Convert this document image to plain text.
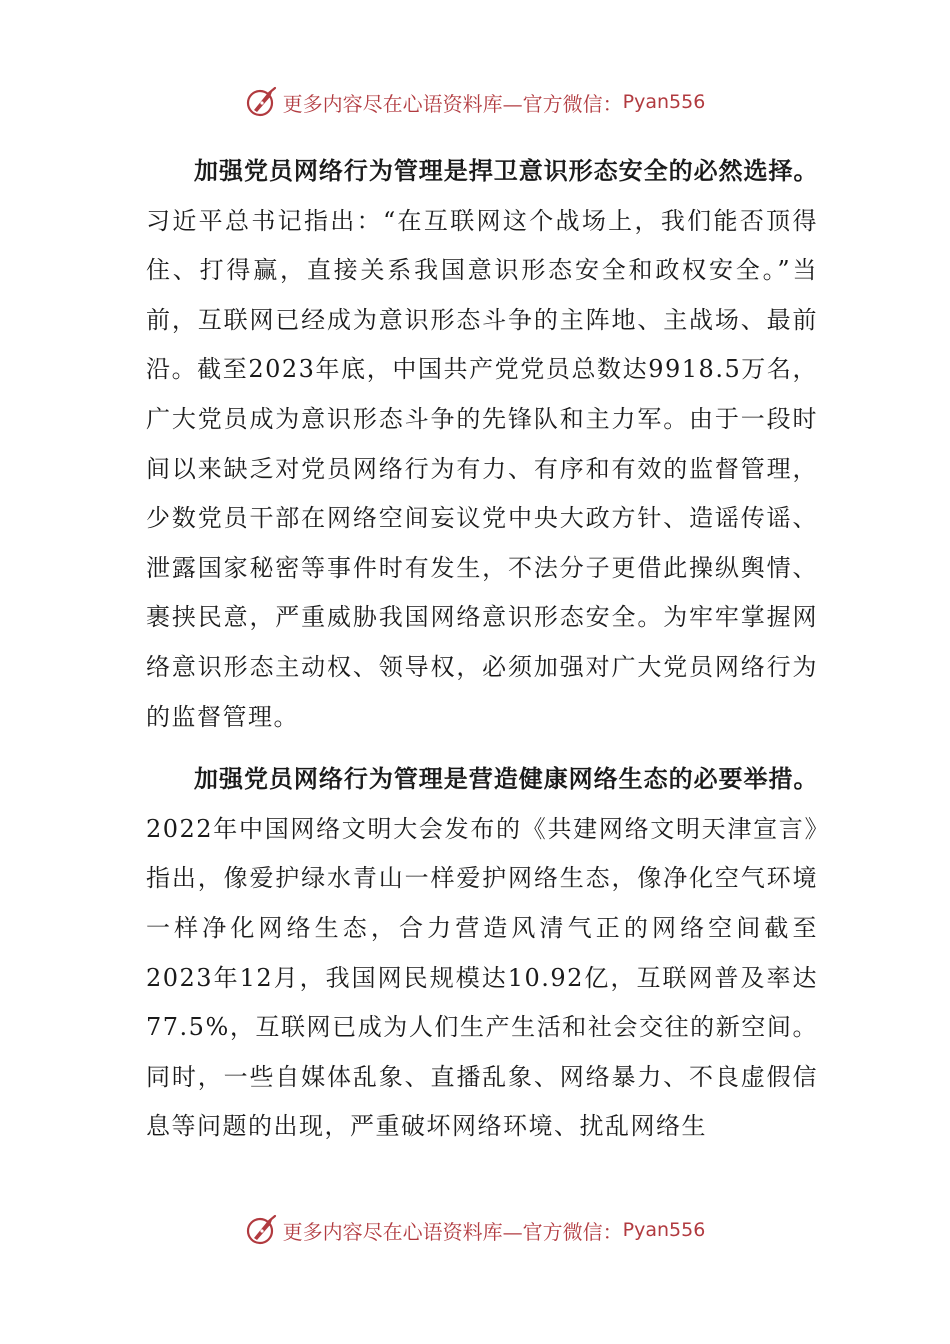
更多内容尽在心语资料库—官方微信： Pyan556

加强党员网络行为管理是捍卫意识形态安全的必然选择。习近平总书记指出：“在互联网这个战场上，我们能否顶得住、打得赢，直接关系我国意识形态安全和政权安全。”当前，互联网已经成为意识形态斗争的主阵地、主战场、最前沿。截至2023年底，中国共产党党员总数达9918.5万名，广大党员成为意识形态斗争的先锋队和主力军。由于一段时间以来缺乏对党员网络行为有力、有序和有效的监督管理，少数党员干部在网络空间妄议党中央大政方针、造谣传谣、泄露国家秘密等事件时有发生，不法分子更借此操纵舆情、裹挟民意，严重威胁我国网络意识形态安全。为牢牢掌握网络意识形态主动权、领导权，必须加强对广大党员网络行为的监督管理。

加强党员网络行为管理是营造健康网络生态的必要举措。2022年中国网络文明大会发布的《共建网络文明天津宣言》指出，像爱护绿水青山一样爱护网络生态，像净化空气环境一样净化网络生态，合力营造风清气正的网络空间截至2023年12月，我国网民规模达10.92亿，互联网普及率达77.5%，互联网已成为人们生产生活和社会交往的新空间。同时，一些自媒体乱象、直播乱象、网络暴力、不良虚假信息等问题的出现，严重破坏网络环境、扰乱网络生

更多内容尽在心语资料库—官方微信： Pyan556
